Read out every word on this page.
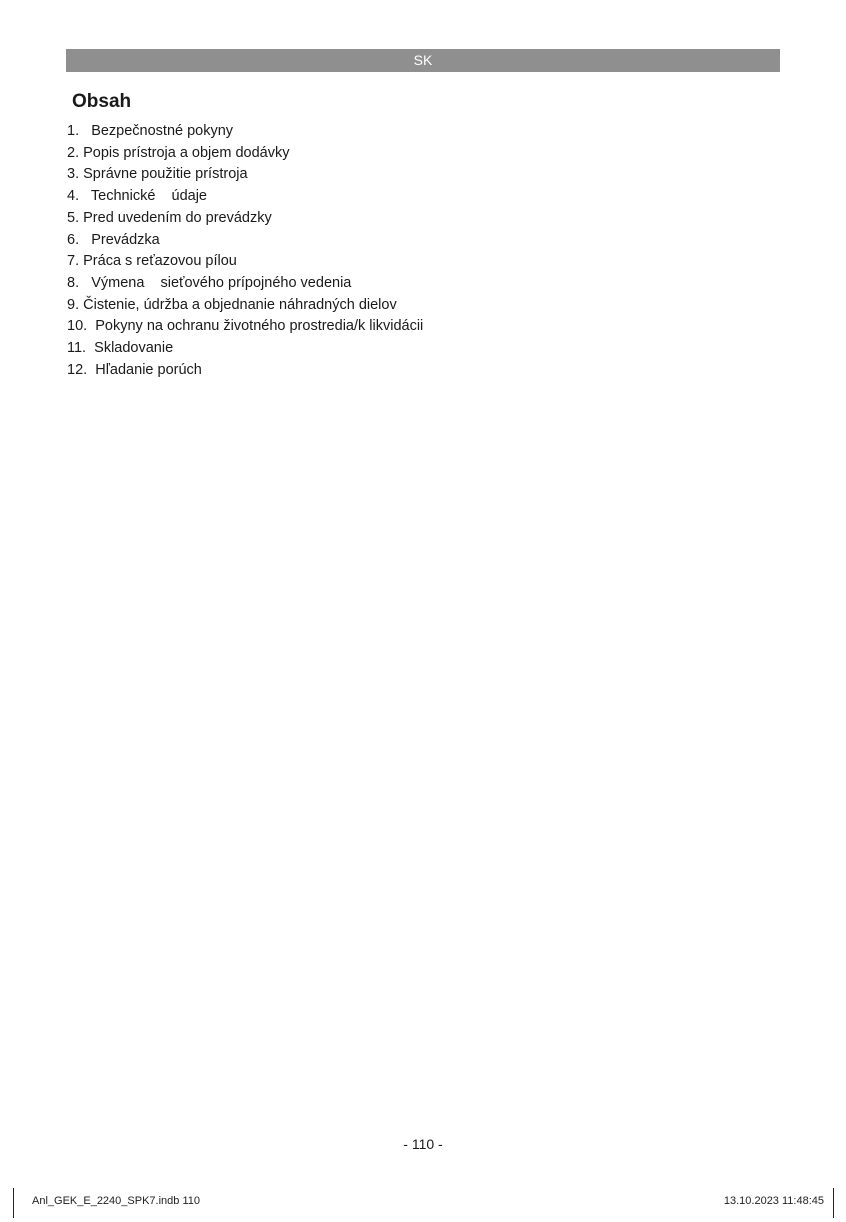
SK
Obsah
1. Bezpečnostné pokyny
2. Popis prístroja a objem dodávky
3. Správne použitie prístroja
4. Technické    údaje
5. Pred uvedením do prevádzky
6. Prevádzka
7. Práca s reťazovou pílou
8. Výmena    sieťového prípojného vedenia
9. Čistenie, údržba a objednanie náhradných dielov
10. Pokyny na ochranu životného prostredia/k likvidácii
11. Skladovanie
12. Hľadanie porúch
- 110 -
Anl_GEK_E_2240_SPK7.indb 110	13.10.2023 11:48:45
